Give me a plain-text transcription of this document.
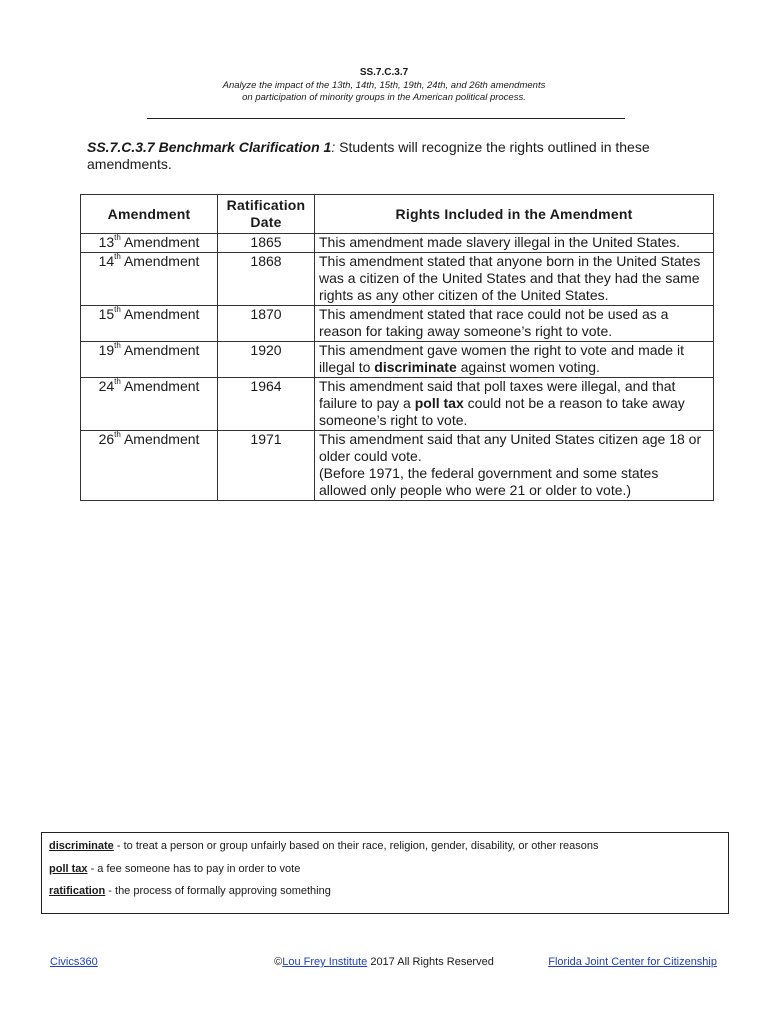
SS.7.C.3.7
Analyze the impact of the 13th, 14th, 15th, 19th, 24th, and 26th amendments
on participation of minority groups in the American political process.
SS.7.C.3.7 Benchmark Clarification 1: Students will recognize the rights outlined in these amendments.
Amendment	Ratification Date	Rights Included in the Amendment
13th Amendment	1865	This amendment made slavery illegal in the United States.
14th Amendment	1868	This amendment stated that anyone born in the United States was a citizen of the United States and that they had the same rights as any other citizen of the United States.
15th Amendment	1870	This amendment stated that race could not be used as a reason for taking away someone’s right to vote.
19th Amendment	1920	This amendment gave women the right to vote and made it illegal to discriminate against women voting.
24th Amendment	1964	This amendment said that poll taxes were illegal, and that failure to pay a poll tax could not be a reason to take away someone’s right to vote.
26th Amendment	1971	This amendment said that any United States citizen age 18 or older could vote.
(Before 1971, the federal government and some states allowed only people who were 21 or older to vote.)
discriminate - to treat a person or group unfairly based on their race, religion, gender, disability, or other reasons
poll tax - a fee someone has to pay in order to vote
ratification - the process of formally approving something
Civics360	©Lou Frey Institute 2017 All Rights Reserved	Florida Joint Center for Citizenship
